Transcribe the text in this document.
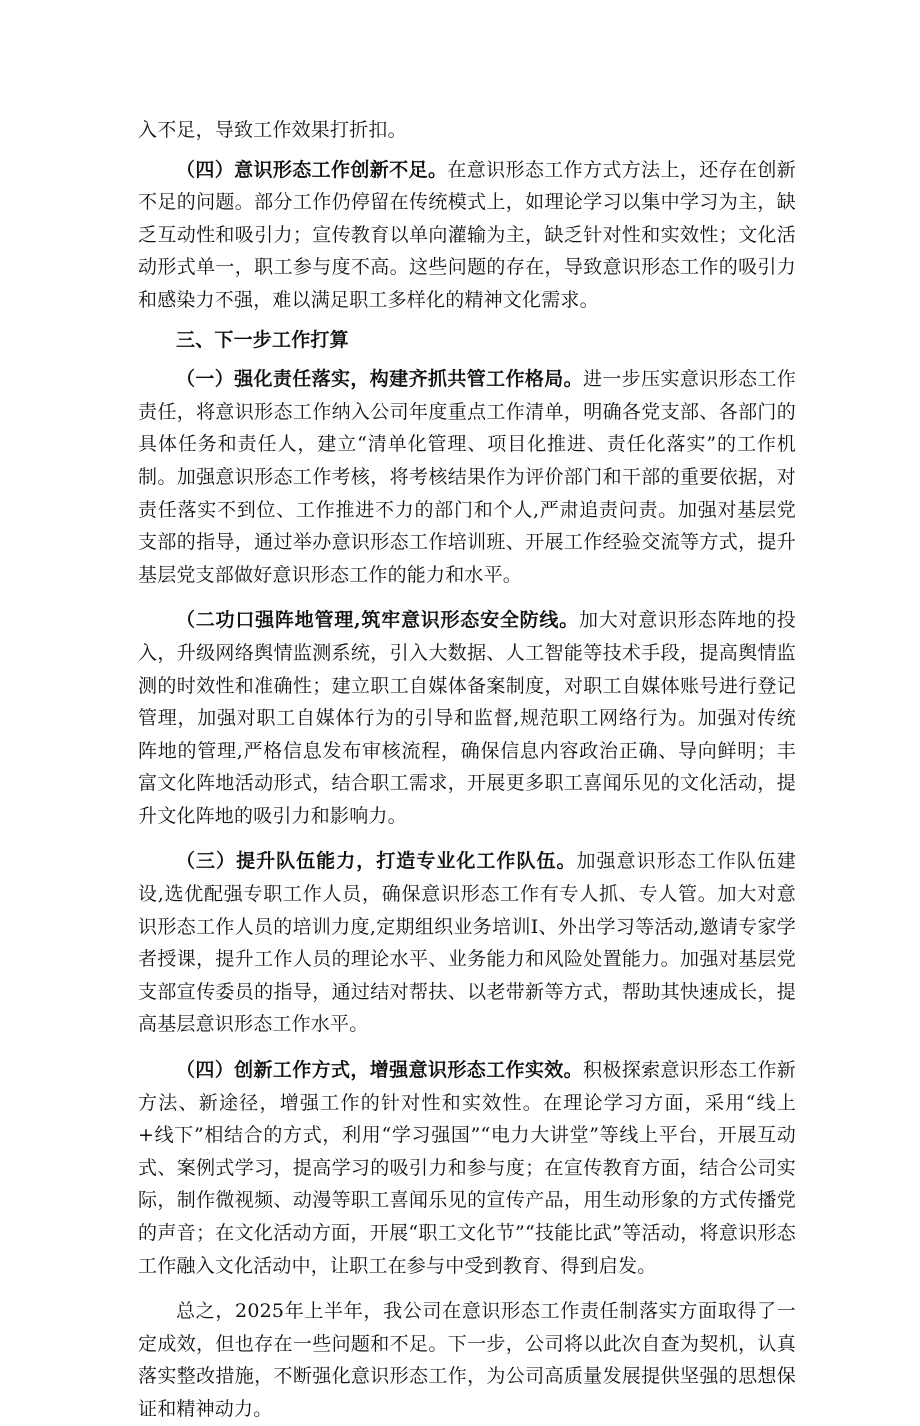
入不足，导致工作效果打折扣。

（四）意识形态工作创新不足。在意识形态工作方式方法上，还存在创新不足的问题。部分工作仍停留在传统模式上，如理论学习以集中学习为主，缺乏互动性和吸引力；宣传教育以单向灌输为主，缺乏针对性和实效性；文化活动形式单一，职工参与度不高。这些问题的存在，导致意识形态工作的吸引力和感染力不强，难以满足职工多样化的精神文化需求。

三、下一步工作打算

（一）强化责任落实，构建齐抓共管工作格局。进一步压实意识形态工作责任，将意识形态工作纳入公司年度重点工作清单，明确各党支部、各部门的具体任务和责任人，建立“清单化管理、项目化推进、责任化落实”的工作机制。加强意识形态工作考核，将考核结果作为评价部门和干部的重要依据，对责任落实不到位、工作推进不力的部门和个人,严肃追责问责。加强对基层党支部的指导，通过举办意识形态工作培训班、开展工作经验交流等方式，提升基层党支部做好意识形态工作的能力和水平。

（二功口强阵地管理,筑牢意识形态安全防线。加大对意识形态阵地的投入，升级网络舆情监测系统，引入大数据、人工智能等技术手段，提高舆情监测的时效性和准确性；建立职工自媒体备案制度，对职工自媒体账号进行登记管理，加强对职工自媒体行为的引导和监督,规范职工网络行为。加强对传统阵地的管理,严格信息发布审核流程，确保信息内容政治正确、导向鲜明；丰富文化阵地活动形式，结合职工需求，开展更多职工喜闻乐见的文化活动，提升文化阵地的吸引力和影响力。

（三）提升队伍能力，打造专业化工作队伍。加强意识形态工作队伍建设,选优配强专职工作人员，确保意识形态工作有专人抓、专人管。加大对意识形态工作人员的培训力度,定期组织业务培训I、外出学习等活动,邀请专家学者授课，提升工作人员的理论水平、业务能力和风险处置能力。加强对基层党支部宣传委员的指导，通过结对帮扶、以老带新等方式，帮助其快速成长，提高基层意识形态工作水平。

（四）创新工作方式，增强意识形态工作实效。积极探索意识形态工作新方法、新途径，增强工作的针对性和实效性。在理论学习方面，采用“线上+线下”相结合的方式，利用“学习强国”“电力大讲堂”等线上平台，开展互动式、案例式学习，提高学习的吸引力和参与度；在宣传教育方面，结合公司实际，制作微视频、动漫等职工喜闻乐见的宣传产品，用生动形象的方式传播党的声音；在文化活动方面，开展“职工文化节”“技能比武”等活动，将意识形态工作融入文化活动中，让职工在参与中受到教育、得到启发。

总之，2025年上半年，我公司在意识形态工作责任制落实方面取得了一定成效，但也存在一些问题和不足。下一步，公司将以此次自查为契机，认真落实整改措施，不断强化意识形态工作，为公司高质量发展提供坚强的思想保证和精神动力。
